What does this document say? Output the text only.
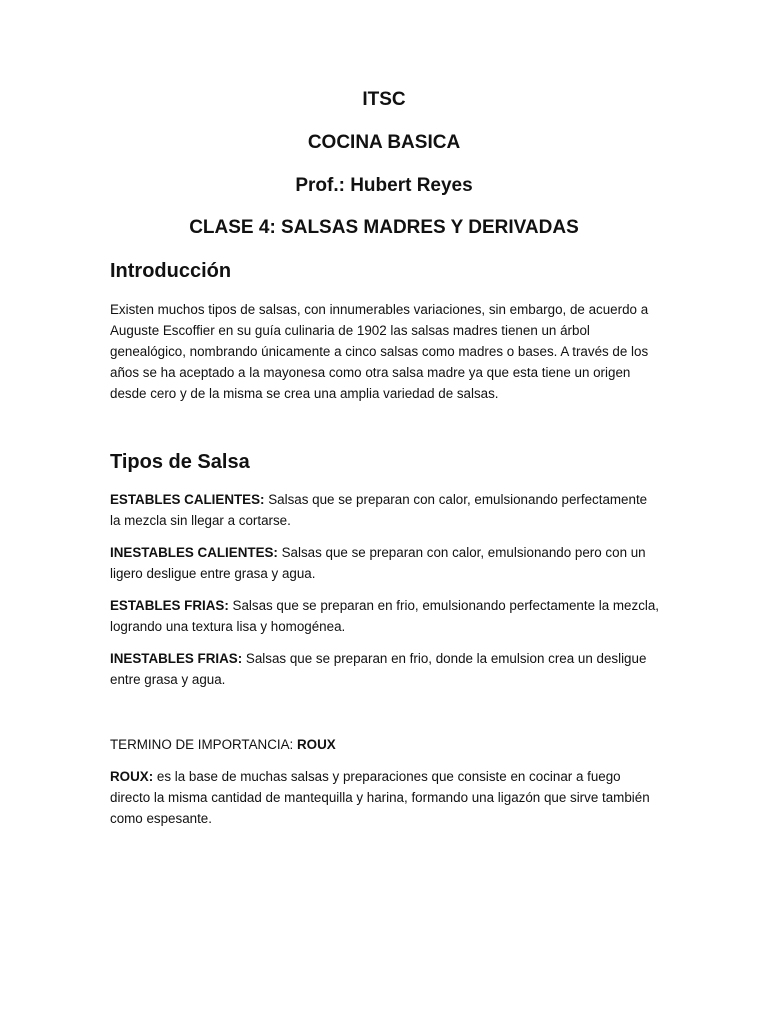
ITSC
COCINA BASICA
Prof.: Hubert Reyes
CLASE 4: SALSAS MADRES Y DERIVADAS
Introducción

Existen muchos tipos de salsas, con innumerables variaciones, sin embargo, de acuerdo a Auguste Escoffier en su guía culinaria de 1902 las salsas madres tienen un árbol genealógico, nombrando únicamente a cinco salsas como madres o bases. A través de los años se ha aceptado a la mayonesa como otra salsa madre ya que esta tiene un origen desde cero y de la misma se crea una amplia variedad de salsas.

Tipos de Salsa

ESTABLES CALIENTES: Salsas que se preparan con calor, emulsionando perfectamente la mezcla sin llegar a cortarse.

INESTABLES CALIENTES: Salsas que se preparan con calor, emulsionando pero con un ligero desligue entre grasa y agua.

ESTABLES FRIAS: Salsas que se preparan en frio, emulsionando perfectamente la mezcla, logrando una textura lisa y homogénea.

INESTABLES FRIAS: Salsas que se preparan en frio, donde la emulsion crea un desligue entre grasa y agua.

TERMINO DE IMPORTANCIA: ROUX

ROUX: es la base de muchas salsas y preparaciones que consiste en cocinar a fuego directo la misma cantidad de mantequilla y harina, formando una ligazón que sirve también como espesante.
